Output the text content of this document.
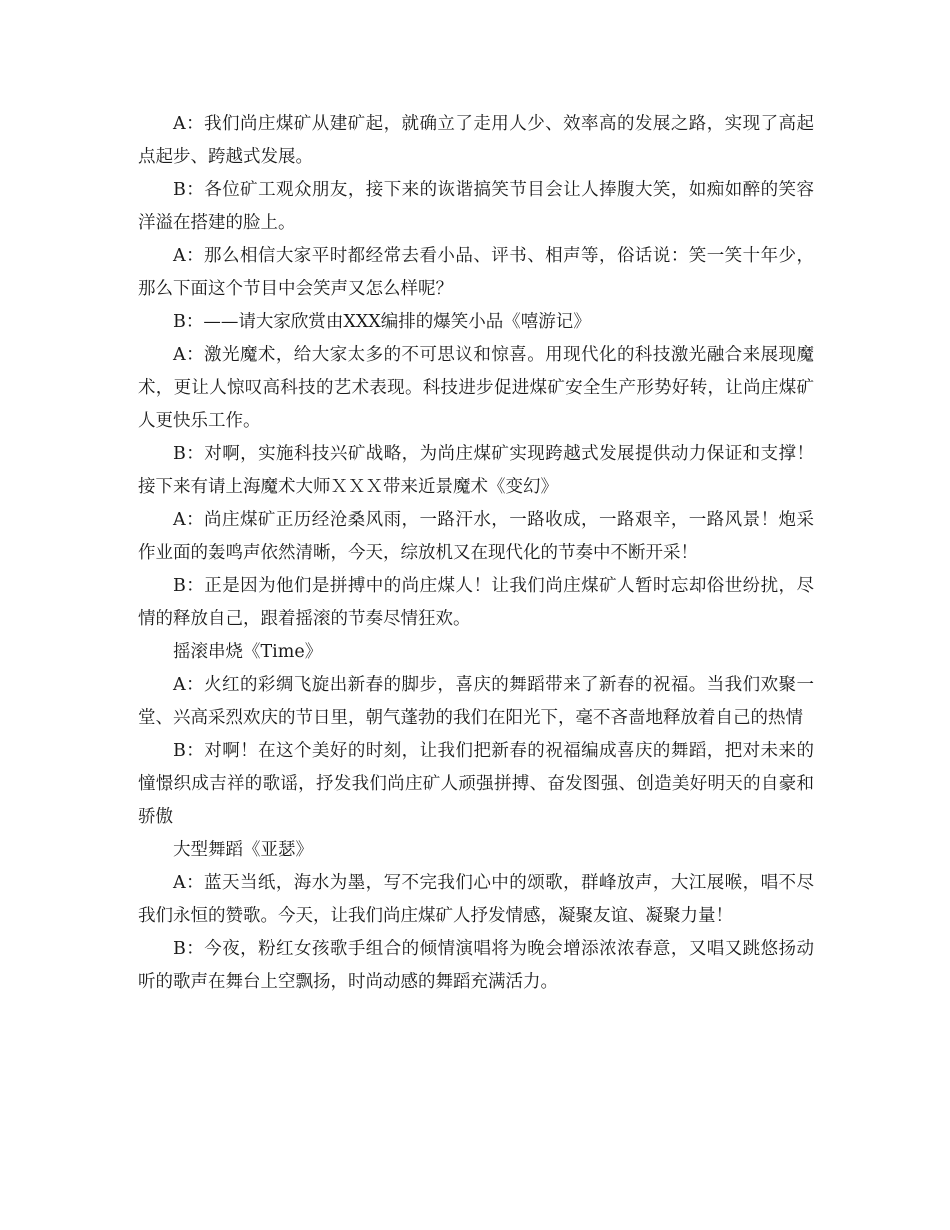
A：我们尚庄煤矿从建矿起，就确立了走用人少、效率高的发展之路，实现了高起点起步、跨越式发展。

B：各位矿工观众朋友，接下来的诙谐搞笑节目会让人捧腹大笑，如痴如醉的笑容洋溢在搭建的脸上。

A：那么相信大家平时都经常去看小品、评书、相声等，俗话说：笑一笑十年少，那么下面这个节目中会笑声又怎么样呢？

B：——请大家欣赏由XXX编排的爆笑小品《嘻游记》

A：激光魔术，给大家太多的不可思议和惊喜。用现代化的科技激光融合来展现魔术，更让人惊叹高科技的艺术表现。科技进步促进煤矿安全生产形势好转，让尚庄煤矿人更快乐工作。

B：对啊，实施科技兴矿战略，为尚庄煤矿实现跨越式发展提供动力保证和支撑！接下来有请上海魔术大师ＸＸＸ带来近景魔术《变幻》

A：尚庄煤矿正历经沧桑风雨，一路汗水，一路收成，一路艰辛，一路风景！炮采作业面的轰鸣声依然清晰，今天，综放机又在现代化的节奏中不断开采！

B：正是因为他们是拼搏中的尚庄煤人！让我们尚庄煤矿人暂时忘却俗世纷扰，尽情的释放自己，跟着摇滚的节奏尽情狂欢。

摇滚串烧《Time》

A：火红的彩绸飞旋出新春的脚步，喜庆的舞蹈带来了新春的祝福。当我们欢聚一堂、兴高采烈欢庆的节日里，朝气蓬勃的我们在阳光下，毫不吝啬地释放着自己的热情

B：对啊！在这个美好的时刻，让我们把新春的祝福编成喜庆的舞蹈，把对未来的憧憬织成吉祥的歌谣，抒发我们尚庄矿人顽强拼搏、奋发图强、创造美好明天的自豪和骄傲

大型舞蹈《亚瑟》

A：蓝天当纸，海水为墨，写不完我们心中的颂歌，群峰放声，大江展喉，唱不尽我们永恒的赞歌。今天，让我们尚庄煤矿人抒发情感，凝聚友谊、凝聚力量！

B：今夜，粉红女孩歌手组合的倾情演唱将为晚会增添浓浓春意，又唱又跳悠扬动听的歌声在舞台上空飘扬，时尚动感的舞蹈充满活力。
